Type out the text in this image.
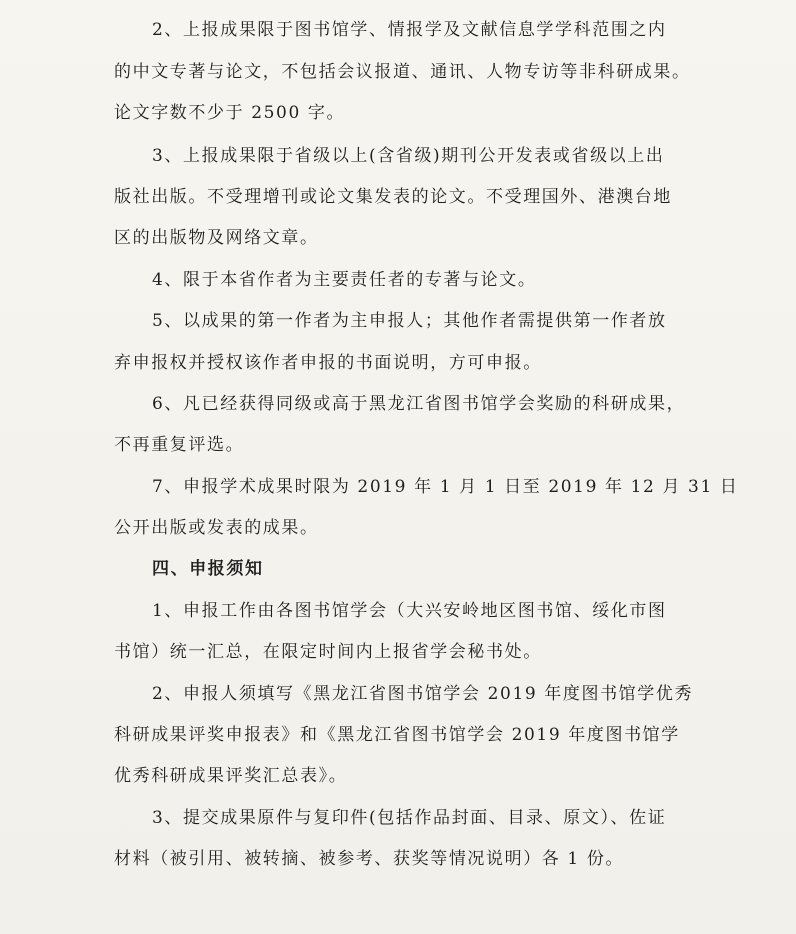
2、上报成果限于图书馆学、情报学及文献信息学学科范围之内

的中文专著与论文，不包括会议报道、通讯、人物专访等非科研成果。

论文字数不少于 2500 字。

3、上报成果限于省级以上(含省级)期刊公开发表或省级以上出

版社出版。不受理增刊或论文集发表的论文。不受理国外、港澳台地

区的出版物及网络文章。

4、限于本省作者为主要责任者的专著与论文。

5、以成果的第一作者为主申报人；其他作者需提供第一作者放

弃申报权并授权该作者申报的书面说明，方可申报。

6、凡已经获得同级或高于黑龙江省图书馆学会奖励的科研成果，

不再重复评选。

7、申报学术成果时限为 2019 年 1 月 1 日至 2019 年 12 月 31 日

公开出版或发表的成果。

四、申报须知

1、申报工作由各图书馆学会（大兴安岭地区图书馆、绥化市图

书馆）统一汇总，在限定时间内上报省学会秘书处。

2、申报人须填写《黑龙江省图书馆学会 2019 年度图书馆学优秀

科研成果评奖申报表》和《黑龙江省图书馆学会 2019 年度图书馆学

优秀科研成果评奖汇总表》。

3、提交成果原件与复印件(包括作品封面、目录、原文）、佐证

材料（被引用、被转摘、被参考、获奖等情况说明）各 1 份。
